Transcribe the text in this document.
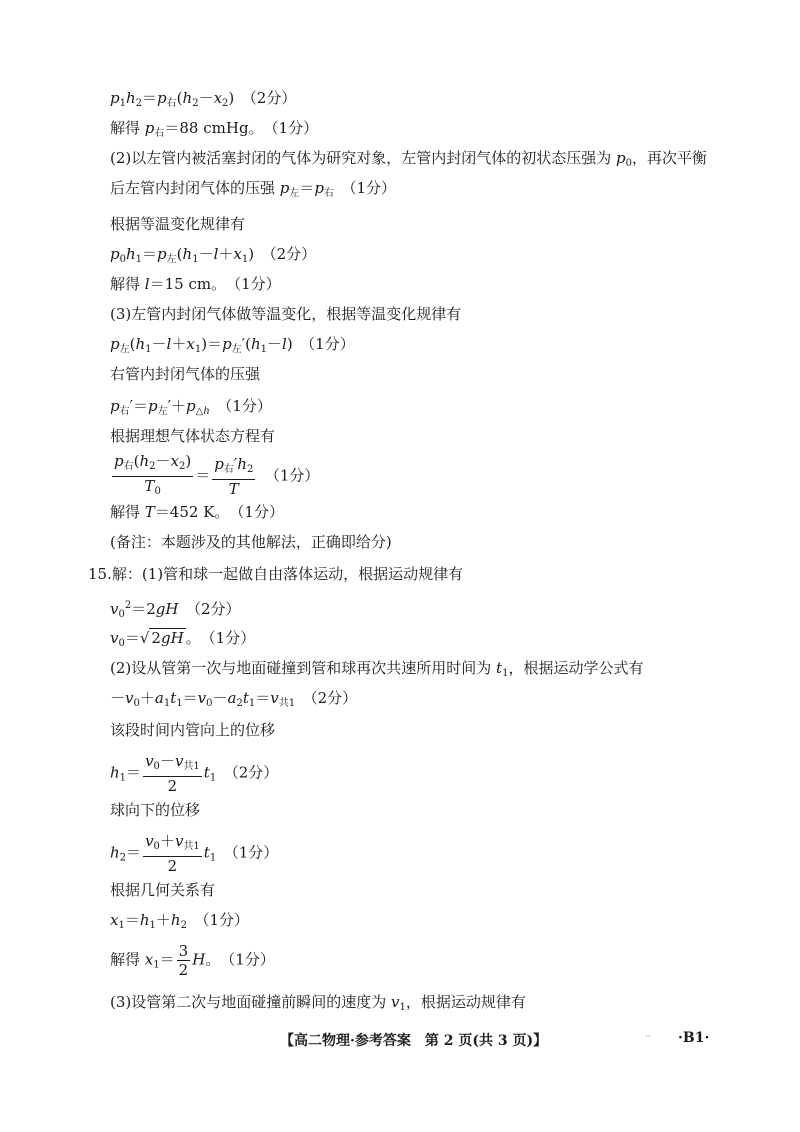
$p_1h_2=p_右(h_2-x_2)$　（2分）
解得 $p_右=88$ cmHg。　（1分）
(2)以左管内被活塞封闭的气体为研究对象，左管内封闭气体的初状态压强为 $p_0$，再次平衡
后左管内封闭气体的压强 $p_左=p_右$　（1分）
根据等温变化规律有
$p_0h_1=p_左(h_1-l+x_1)$　（2分）
解得 l＝15 cm。　（1分）
(3)左管内封闭气体做等温变化，根据等温变化规律有
$p_左(h_1-l+x_1)=p_左'(h_1-l)$　（1分）
右管内封闭气体的压强
$p_右'=p_左'+p_{\triangle h}$　（1分）
根据理想气体状态方程有
$\frac{p_右(h_2-x_2)}{T_0} = \frac{p_右'h_2}{T}$ 　（1分）
解得 T＝452 K。　（1分）
(备注：本题涉及的其他解法，正确即给分)
15.解：(1)管和球一起做自由落体运动，根据运动规律有
$v_0^2=2gH$　（2分）
$v_0=√$ 2gH 。　（1分）
(2)设从管第一次与地面碰撞到管和球再次共速所用时间为 $t_1$，根据运动学公式有
$-v_0+a_1t_1=v_0-a_2t_1=v_{共1}$　（2分）
该段时间内管向上的位移
$h_1= \frac{v_0-v_{共1}}{2} t_1$　（2分）
球向下的位移
$h_2= \frac{v_0+v_{共1}}{2} t_1$　（1分）
根据几何关系有
$x_1=h_1+h_2$　（1分）
解得 $x_1= \frac{3}{2}$ H。　（1分）
(3)设管第二次与地面碰撞前瞬间的速度为 $v_1$，根据运动规律有
【高二物理·参考答案　第 2 页(共 3 页)】	·· ·B1·
